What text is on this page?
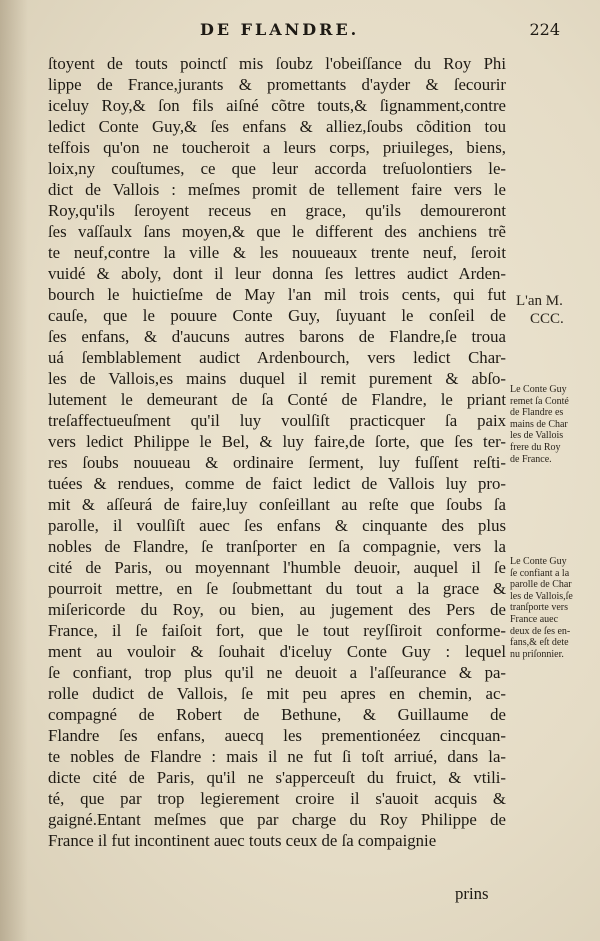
DE FLANDRE.	224
ſtoyent de touts poinctſ mis ſoubz l'obeiſſance du Roy Phi
lippe de France,jurants & promettants d'ayder & ſecourir
iceluy Roy,& ſon fils aiſné cõtre touts,& ſignamment,contre
ledict Conte Guy,& ſes enfans & alliez,ſoubs cõdition tou
teſfois qu'on ne toucheroit a leurs corps, priuileges, biens,
loix,ny couſtumes, ce que leur accorda treſuolontiers le-
dict de Vallois : meſmes promit de tellement faire vers le
Roy,qu'ils ſeroyent receus en grace, qu'ils demoureront
ſes vaſſaulx ſans moyen,& que le different des anchiens trẽ
te neuf,contre la ville & les nouueaux trente neuf, ſeroit
vuidé & aboly, dont il leur donna ſes lettres audict Arden-
bourch le huictieſme de May l'an mil trois cents, qui fut
cauſe, que le pouure Conte Guy, ſuyuant le conſeil de
ſes enfans, & d'aucuns autres barons de Flandre,ſe troua
uá ſemblablement audict Ardenbourch, vers ledict Char-
les de Vallois,es mains duquel il remit purement & abſo-
lutement le demeurant de ſa Conté de Flandre, le priant
treſaffectueuſment qu'il luy voulſiſt practicquer ſa paix
vers ledict Philippe le Bel, & luy faire,de ſorte, que ſes ter-
res ſoubs nouueau & ordinaire ſerment, luy fuſſent reſti-
tuées & rendues, comme de faict ledict de Vallois luy pro-
mit & aſſeurá de faire,luy conſeillant au reſte que ſoubs ſa
parolle, il voulſiſt auec ſes enfans & cinquante des plus
nobles de Flandre, ſe tranſporter en ſa compagnie, vers la
cité de Paris, ou moyennant l'humble deuoir, auquel il ſe
pourroit mettre, en ſe ſoubmettant du tout a la grace &
miſericorde du Roy, ou bien, au jugement des Pers de
France, il ſe faiſoit fort, que le tout reyſſiroit conforme-
ment au vouloir & ſouhait d'iceluy Conte Guy : lequel
ſe confiant, trop plus qu'il ne deuoit a l'aſſeurance & pa-
rolle dudict de Vallois, ſe mit peu apres en chemin, ac-
compagné de Robert de Bethune, & Guillaume de
Flandre ſes enfans, auecq les prementionéez cincquan-
te nobles de Flandre : mais il ne fut ſi toſt arriué, dans la-
dicte cité de Paris, qu'il ne s'apperceuſt du fruict, & vtili-
té, que par trop legierement croire il s'auoit acquis &
gaigné.Entant meſmes que par charge du Roy Philippe de
France il fut incontinent auec touts ceux de ſa compaignie
prins
L'an M.
CCC.
Le Conte Guy
remet ſa Conté
de Flandre es
mains de Char
les de Vallois
frere du Roy
de France.
Le Conte Guy
ſe confiant a la
parolle de Char
les de Vallois,ſe
tranſporte vers
France auec
deux de ſes en-
fans,& eſt dete
nu priſonnier.
